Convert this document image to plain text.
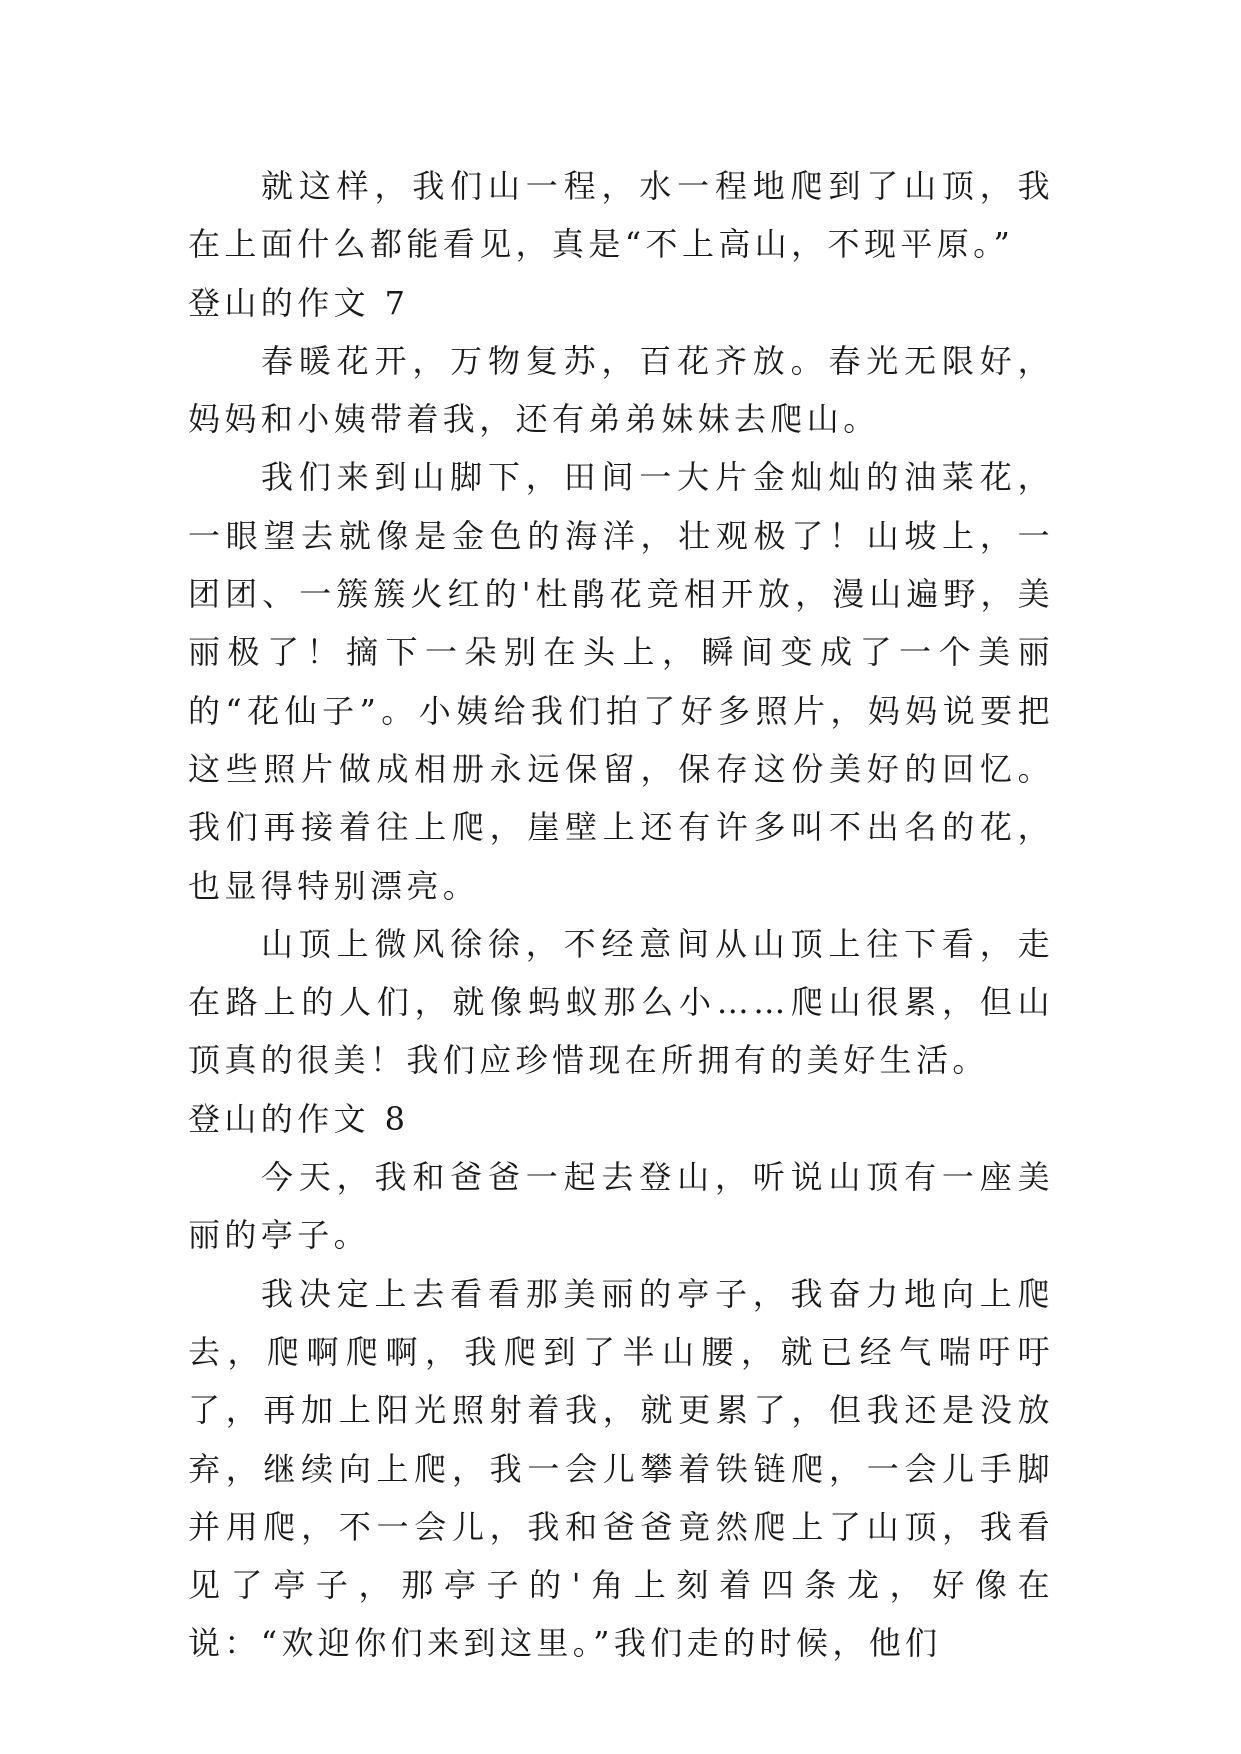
就这样，我们山一程，水一程地爬到了山顶，我在上面什么都能看见，真是“不上高山，不现平原。”

登山的作文 7

春暖花开，万物复苏，百花齐放。春光无限好，妈妈和小姨带着我，还有弟弟妹妹去爬山。

我们来到山脚下，田间一大片金灿灿的油菜花，一眼望去就像是金色的海洋，壮观极了！山坡上，一团团、一簇簇火红的'杜鹃花竞相开放，漫山遍野，美丽极了！摘下一朵别在头上，瞬间变成了一个美丽的“花仙子”。小姨给我们拍了好多照片，妈妈说要把这些照片做成相册永远保留，保存这份美好的回忆。我们再接着往上爬，崖壁上还有许多叫不出名的花，也显得特别漂亮。

山顶上微风徐徐，不经意间从山顶上往下看，走在路上的人们，就像蚂蚁那么小……爬山很累，但山顶真的很美！我们应珍惜现在所拥有的美好生活。

登山的作文 8

今天，我和爸爸一起去登山，听说山顶有一座美丽的亭子。

我决定上去看看那美丽的亭子，我奋力地向上爬去，爬啊爬啊，我爬到了半山腰，就已经气喘吁吁了，再加上阳光照射着我，就更累了，但我还是没放弃，继续向上爬，我一会儿攀着铁链爬，一会儿手脚并用爬，不一会儿，我和爸爸竟然爬上了山顶，我看见了亭子，那亭子的'角上刻着四条龙，好像在说：“欢迎你们来到这里。”我们走的时候，他们
